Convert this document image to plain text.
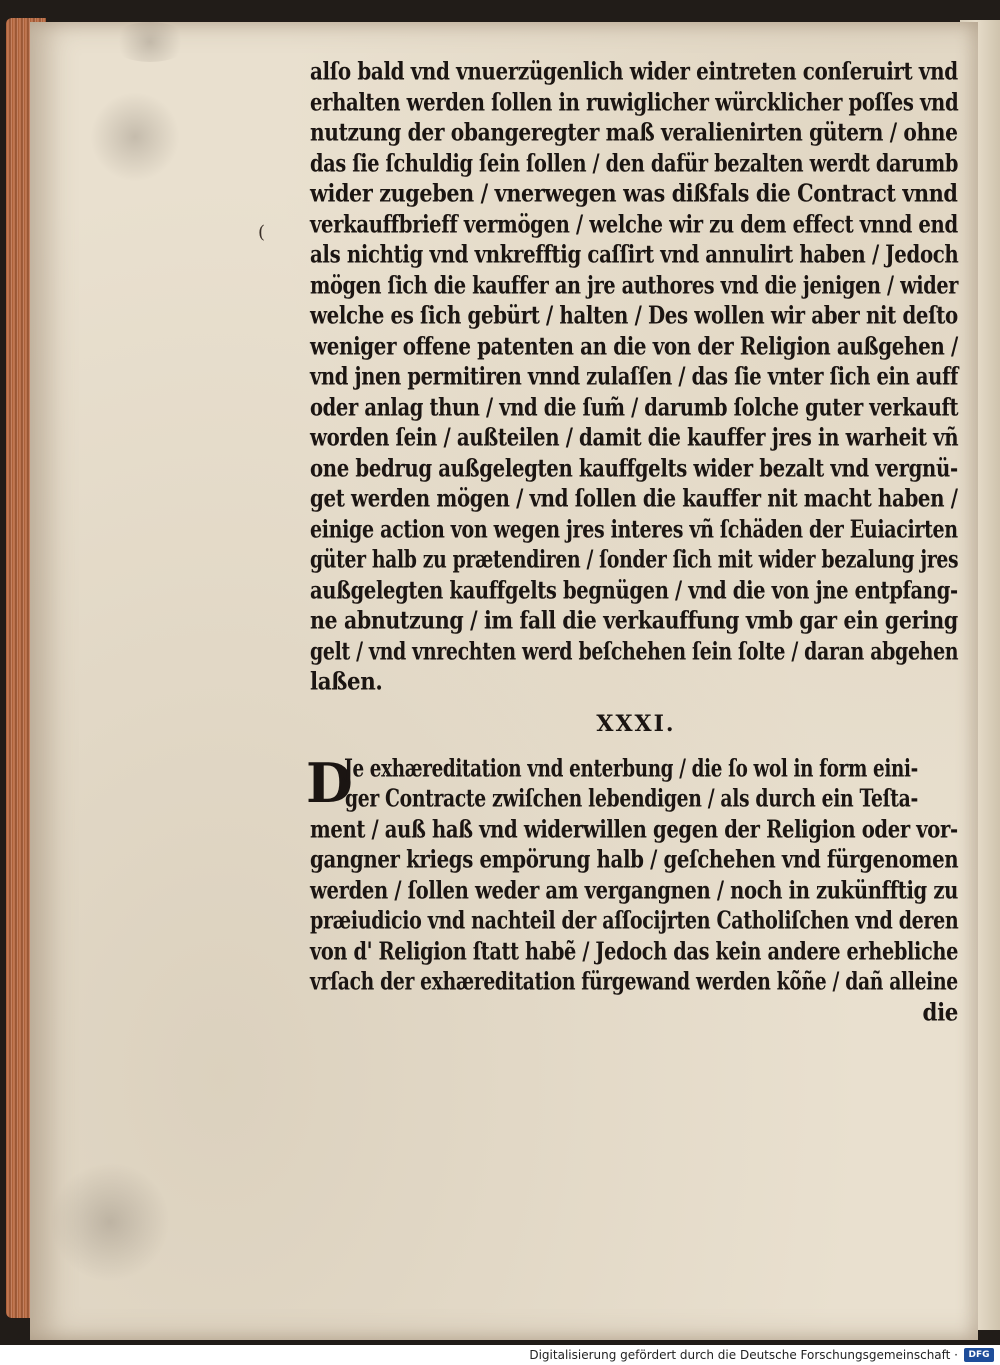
(
alſo bald vnd vnuerzügenlich wider eintreten conſeruirt vnd
erhalten werden ſollen in ruwiglicher würcklicher poſſes vnd
nutzung der obangeregter maß veralienirten gütern / ohne
das ſie ſchuldig ſein ſollen / den dafür bezalten werdt darumb
wider zugeben / vnerwegen was dißfals die Contract vnnd
verkauffbrieff vermögen / welche wir zu dem effect vnnd end
als nichtig vnd vnkrefftig caſſirt vnd annulirt haben / Jedoch
mögen ſich die kauffer an jre authores vnd die jenigen / wider
welche es ſich gebürt / halten / Des wollen wir aber nit deſto
weniger offene patenten an die von der Religion außgehen /
vnd jnen permitiren vnnd zulaſſen / das ſie vnter ſich ein auff
oder anlag thun / vnd die ſum̃ / darumb ſolche guter verkauft
worden ſein / außteilen / damit die kauffer jres in warheit vñ
one bedrug außgelegten kauffgelts wider bezalt vnd vergnü-
get werden mögen / vnd ſollen die kauffer nit macht haben /
einige action von wegen jres interes vñ ſchäden der Euiacirten
güter halb zu prætendiren / ſonder ſich mit wider bezalung jres
außgelegten kauffgelts begnügen / vnd die von jne entpfang-
ne abnutzung / im fall die verkauffung vmb gar ein gering
gelt / vnd vnrechten werd beſchehen ſein ſolte / daran abgehen
laßen.
XXXI.
D
Je exhæreditation vnd enterbung / die ſo wol in form eini-
ger Contracte zwiſchen lebendigen / als durch ein Teſta-
ment / auß haß vnd widerwillen gegen der Religion oder vor-
gangner kriegs empörung halb / geſchehen vnd fürgenomen
werden / ſollen weder am vergangnen / noch in zukünfftig zu
præiudicio vnd nachteil der aſſocijrten Catholiſchen vnd deren
von d' Religion ſtatt habẽ / Jedoch das kein andere erhebliche
vrſach der exhæreditation fürgewand werden kõñe / dañ alleine
die
Digitalisierung gefördert durch die Deutsche Forschungsgemeinschaft ·	DFG
